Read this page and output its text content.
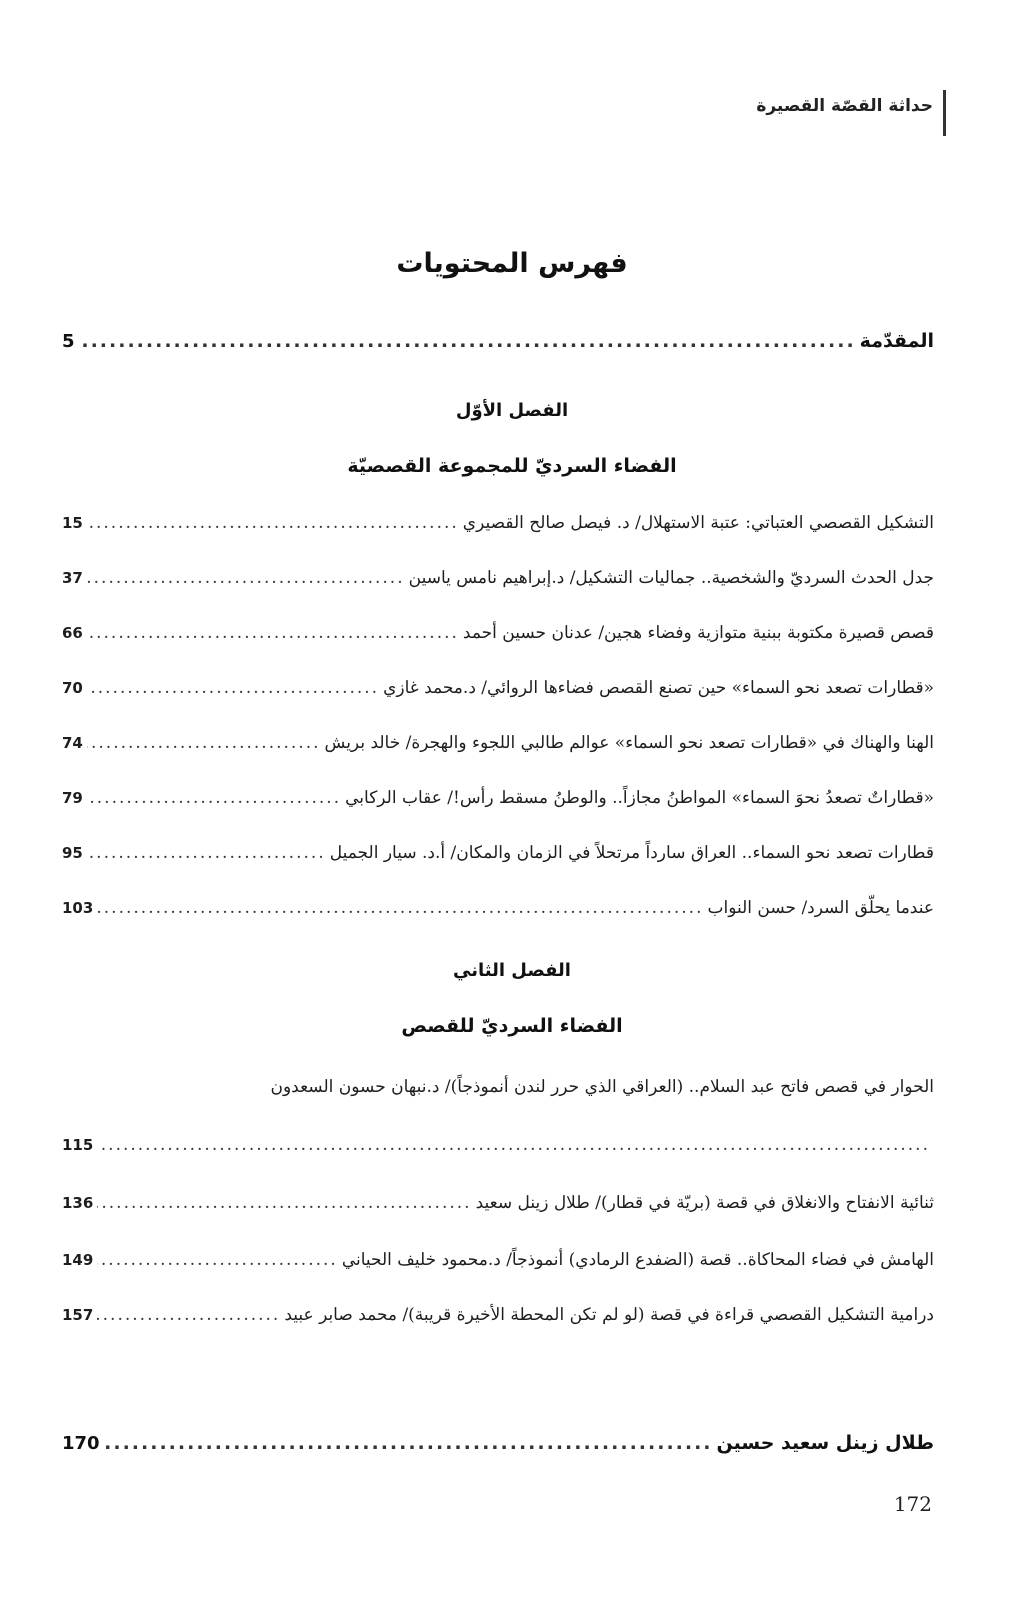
حداثة القصّة القصيرة
فهرس المحتويات
المقدّمة
.....
5
الفصل الأوّل
الفضاء السرديّ للمجموعة القصصيّة
التشكيل القصصي العتباتي: عتبة الاستهلال/ د. فيصل صالح القصيري
.....
15
جدل الحدث السرديّ والشخصية.. جماليات التشكيل/ د.إبراهيم نامس ياسين
.....
37
قصص قصيرة مكتوبة ببنية متوازية وفضاء هجين/ عدنان حسين أحمد
.....
66
«قطارات تصعد نحو السماء» حين تصنع القصص فضاءها الروائي/ د.محمد غازي
.....
70
الهنا والهناك في «قطارات تصعد نحو السماء» عوالم طالبي اللجوء والهجرة/ خالد بريش
.....
74
«قطاراتٌ تصعدُ نحوَ السماء» المواطنُ مجازاً.. والوطنُ مسقط رأس!/ عقاب الركابي
.....
79
قطارات تصعد نحو السماء.. العراق سارداً مرتحلاً في الزمان والمكان/ أ.د. سيار الجميل
.....
95
عندما يحلّق السرد/ حسن النواب
.....
103
الفصل الثاني
الفضاء السرديّ للقصص
الحوار في قصص فاتح عبد السلام.. (العراقي الذي حرر لندن أنموذجاً)/ د.نبهان حسون السعدون
.....
115
ثنائية الانفتاح والانغلاق في قصة (بريّة في قطار)/ طلال زينل سعيد
.....
136
الهامش في فضاء المحاكاة.. قصة (الضفدع الرمادي) أنموذجاً/ د.محمود خليف الحياني
.....
149
درامية التشكيل القصصي قراءة في قصة (لو لم تكن المحطة الأخيرة قريبة)/ محمد صابر عبيد
.....
157
طلال زينل سعيد حسين
.....
170
172
